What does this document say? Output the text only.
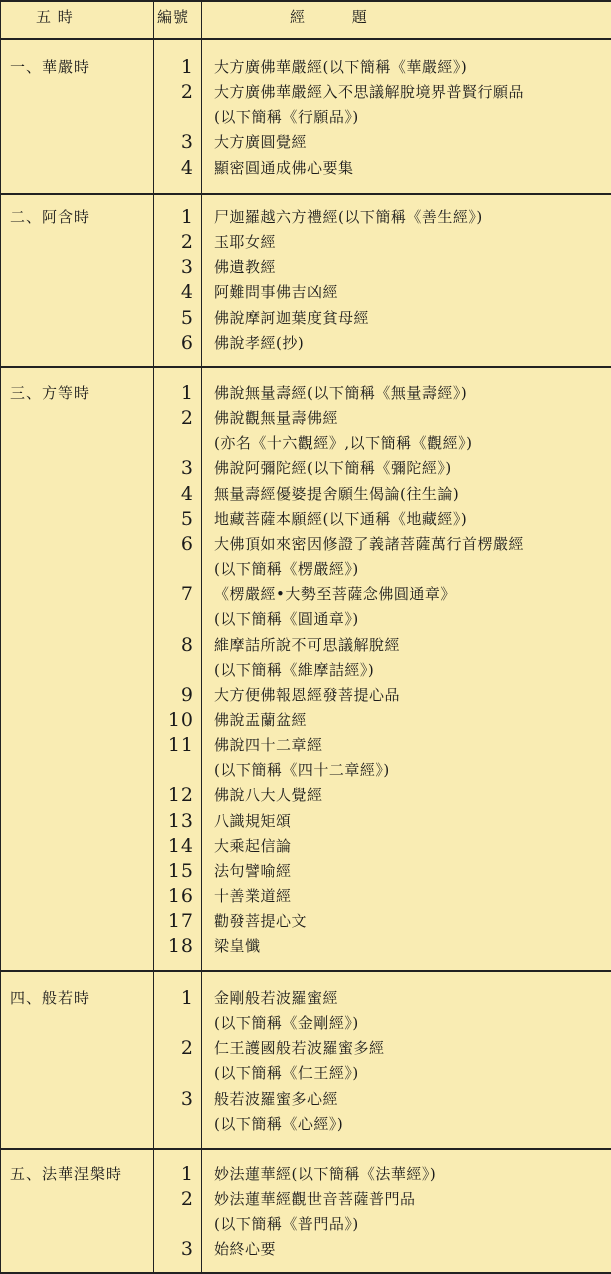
五 時	編號	經 題
一、華嚴時	1 大方廣佛華嚴經(以下簡稱《華嚴經》)
2 大方廣佛華嚴經入不思議解脫境界普賢行願品
(以下簡稱《行願品》)
3 大方廣圓覺經
4 顯密圓通成佛心要集
二、阿含時	1 尸迦羅越六方禮經(以下簡稱《善生經》)
2 玉耶女經
3 佛遺教經
4 阿難問事佛吉凶經
5 佛說摩訶迦葉度貧母經
6 佛說孝經(抄)
三、方等時	1 佛說無量壽經(以下簡稱《無量壽經》)
2 佛說觀無量壽佛經
(亦名《十六觀經》,以下簡稱《觀經》)
3 佛說阿彌陀經(以下簡稱《彌陀經》)
4 無量壽經優婆提舍願生偈論(往生論)
5 地藏菩薩本願經(以下通稱《地藏經》)
6 大佛頂如來密因修證了義諸菩薩萬行首楞嚴經
(以下簡稱《楞嚴經》)
7 《楞嚴經•大勢至菩薩念佛圓通章》
(以下簡稱《圓通章》)
8 維摩詰所說不可思議解脫經
(以下簡稱《維摩詰經》)
9 大方便佛報恩經發菩提心品
10 佛說盂蘭盆經
11 佛說四十二章經
(以下簡稱《四十二章經》)
12 佛說八大人覺經
13 八識規矩頌
14 大乘起信論
15 法句譬喻經
16 十善業道經
17 勸發菩提心文
18 梁皇懺
四、般若時	1 金剛般若波羅蜜經
(以下簡稱《金剛經》)
2 仁王護國般若波羅蜜多經
(以下簡稱《仁王經》)
3 般若波羅蜜多心經
(以下簡稱《心經》)
五、法華涅槃時	1 妙法蓮華經(以下簡稱《法華經》)
2 妙法蓮華經觀世音菩薩普門品
(以下簡稱《普門品》)
3 始終心要
